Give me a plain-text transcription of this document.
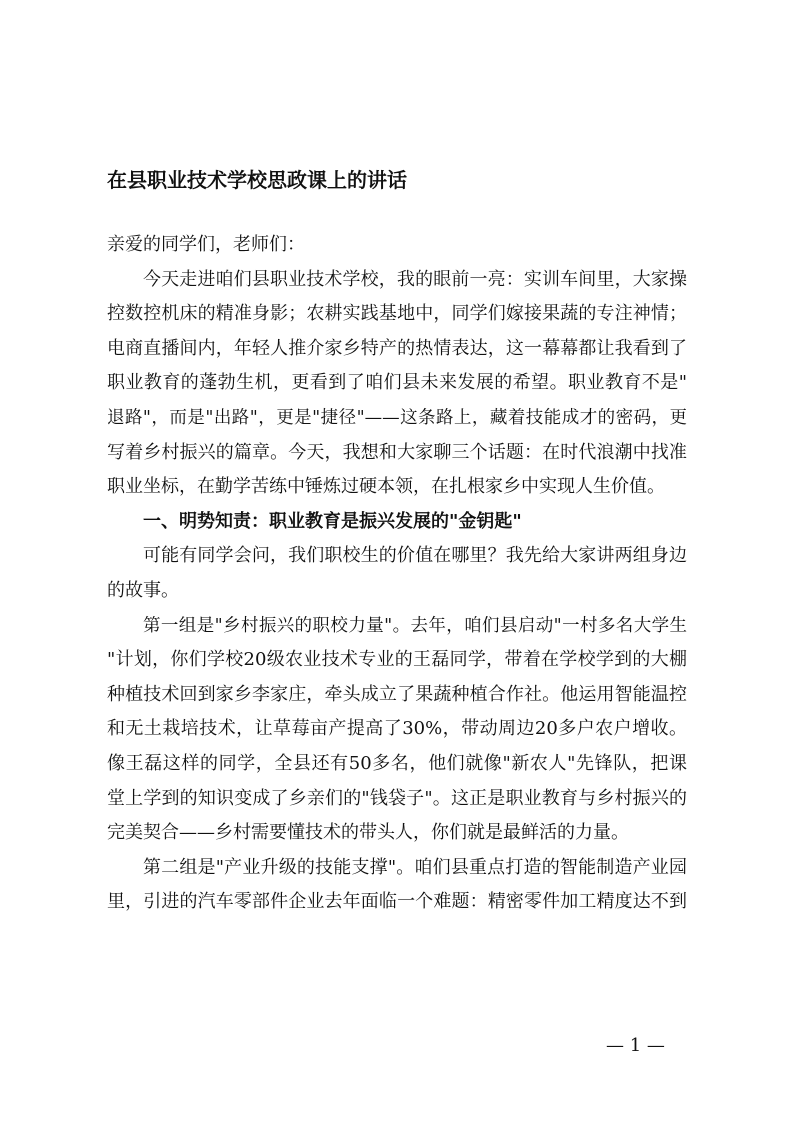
在县职业技术学校思政课上的讲话
亲爱的同学们，老师们：
今天走进咱们县职业技术学校，我的眼前一亮：实训车间里，大家操
控数控机床的精准身影；农耕实践基地中，同学们嫁接果蔬的专注神情；
电商直播间内，年轻人推介家乡特产的热情表达，这一幕幕都让我看到了
职业教育的蓬勃生机，更看到了咱们县未来发展的希望。职业教育不是"
退路"，而是"出路"，更是"捷径"——这条路上，藏着技能成才的密码，更
写着乡村振兴的篇章。今天，我想和大家聊三个话题：在时代浪潮中找准
职业坐标，在勤学苦练中锤炼过硬本领，在扎根家乡中实现人生价值。
一、明势知责：职业教育是振兴发展的"金钥匙"
可能有同学会问，我们职校生的价值在哪里？我先给大家讲两组身边
的故事。
第一组是"乡村振兴的职校力量"。去年，咱们县启动"一村多名大学生
"计划，你们学校20级农业技术专业的王磊同学，带着在学校学到的大棚
种植技术回到家乡李家庄，牵头成立了果蔬种植合作社。他运用智能温控
和无土栽培技术，让草莓亩产提高了30%，带动周边20多户农户增收。
像王磊这样的同学，全县还有50多名，他们就像"新农人"先锋队，把课
堂上学到的知识变成了乡亲们的"钱袋子"。这正是职业教育与乡村振兴的
完美契合——乡村需要懂技术的带头人，你们就是最鲜活的力量。
第二组是"产业升级的技能支撑"。咱们县重点打造的智能制造产业园
里，引进的汽车零部件企业去年面临一个难题：精密零件加工精度达不到
— 1 —
